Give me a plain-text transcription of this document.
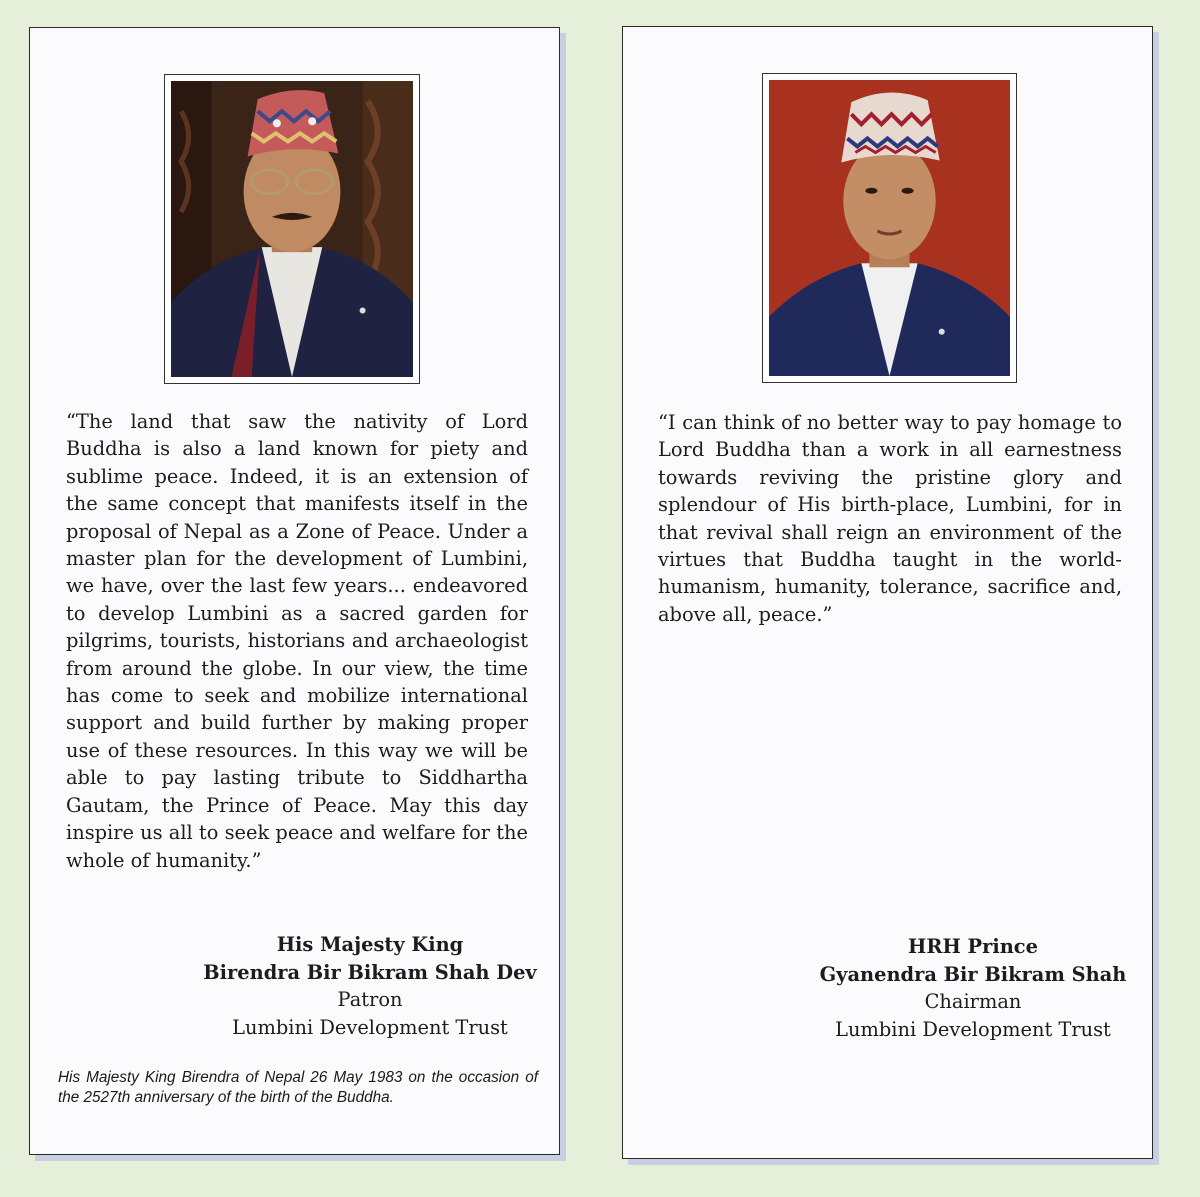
“The land that saw the nativity of Lord Buddha is also a land known for piety and sublime peace. Indeed, it is an extension of the same concept that manifests itself in the proposal of Nepal as a Zone of Peace. Under a master plan for the development of Lumbini, we have, over the last few years... endeavored to develop Lumbini as a sacred garden for pilgrims, tourists, historians and archaeologist from around the globe. In our view, the time has come to seek and mobilize international support and build further by making proper use of these resources. In this way we will be able to pay lasting tribute to Siddhartha Gautam, the Prince of Peace. May this day inspire us all to seek peace and welfare for the whole of humanity.”
His Majesty King
Birendra Bir Bikram Shah Dev
Patron
Lumbini Development Trust
His Majesty King Birendra of Nepal 26 May 1983 on the occasion of the 2527th anniversary of the birth of the Buddha.
“I can think of no better way to pay homage to Lord Buddha than a work in all earnestness towards reviving the pristine glory and splendour of His birth-place, Lumbini, for in that revival shall reign an environment of the virtues that Buddha taught in the world-humanism, humanity, tolerance, sacrifice and, above all, peace.”
HRH Prince
Gyanendra Bir Bikram Shah
Chairman
Lumbini Development Trust
